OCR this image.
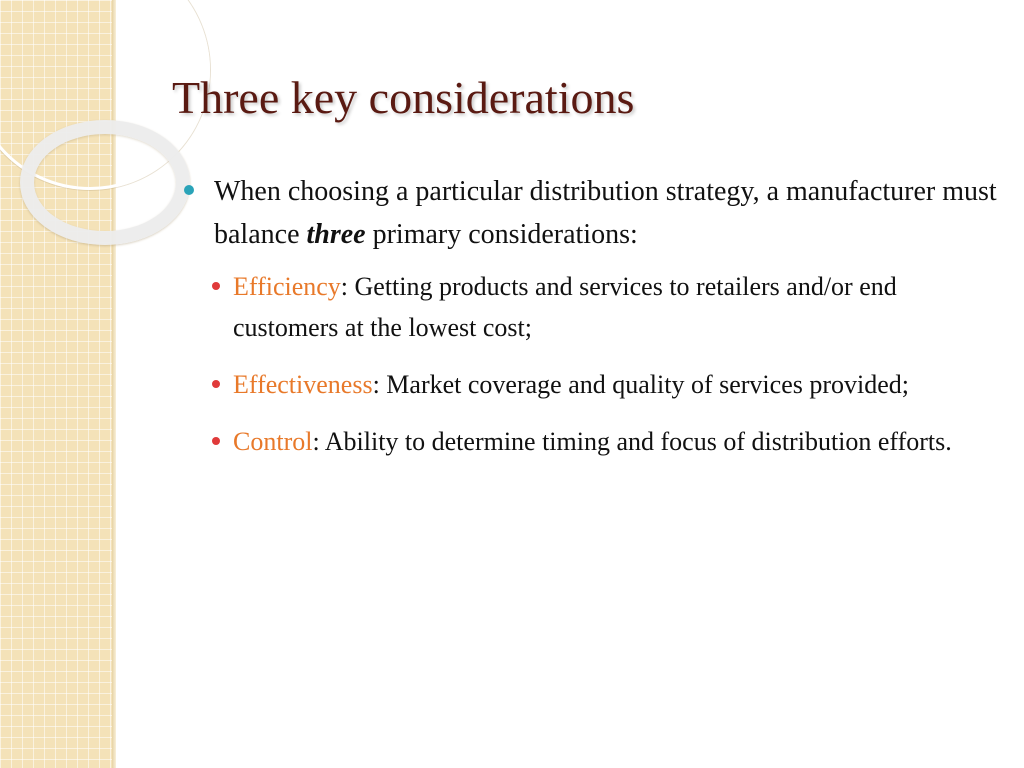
Three key considerations
When choosing a particular distribution strategy, a manufacturer must balance three primary considerations:
Efficiency: Getting products and services to retailers and/or end customers at the lowest cost;
Effectiveness: Market coverage and quality of services provided;
Control: Ability to determine timing and focus of distribution efforts.
